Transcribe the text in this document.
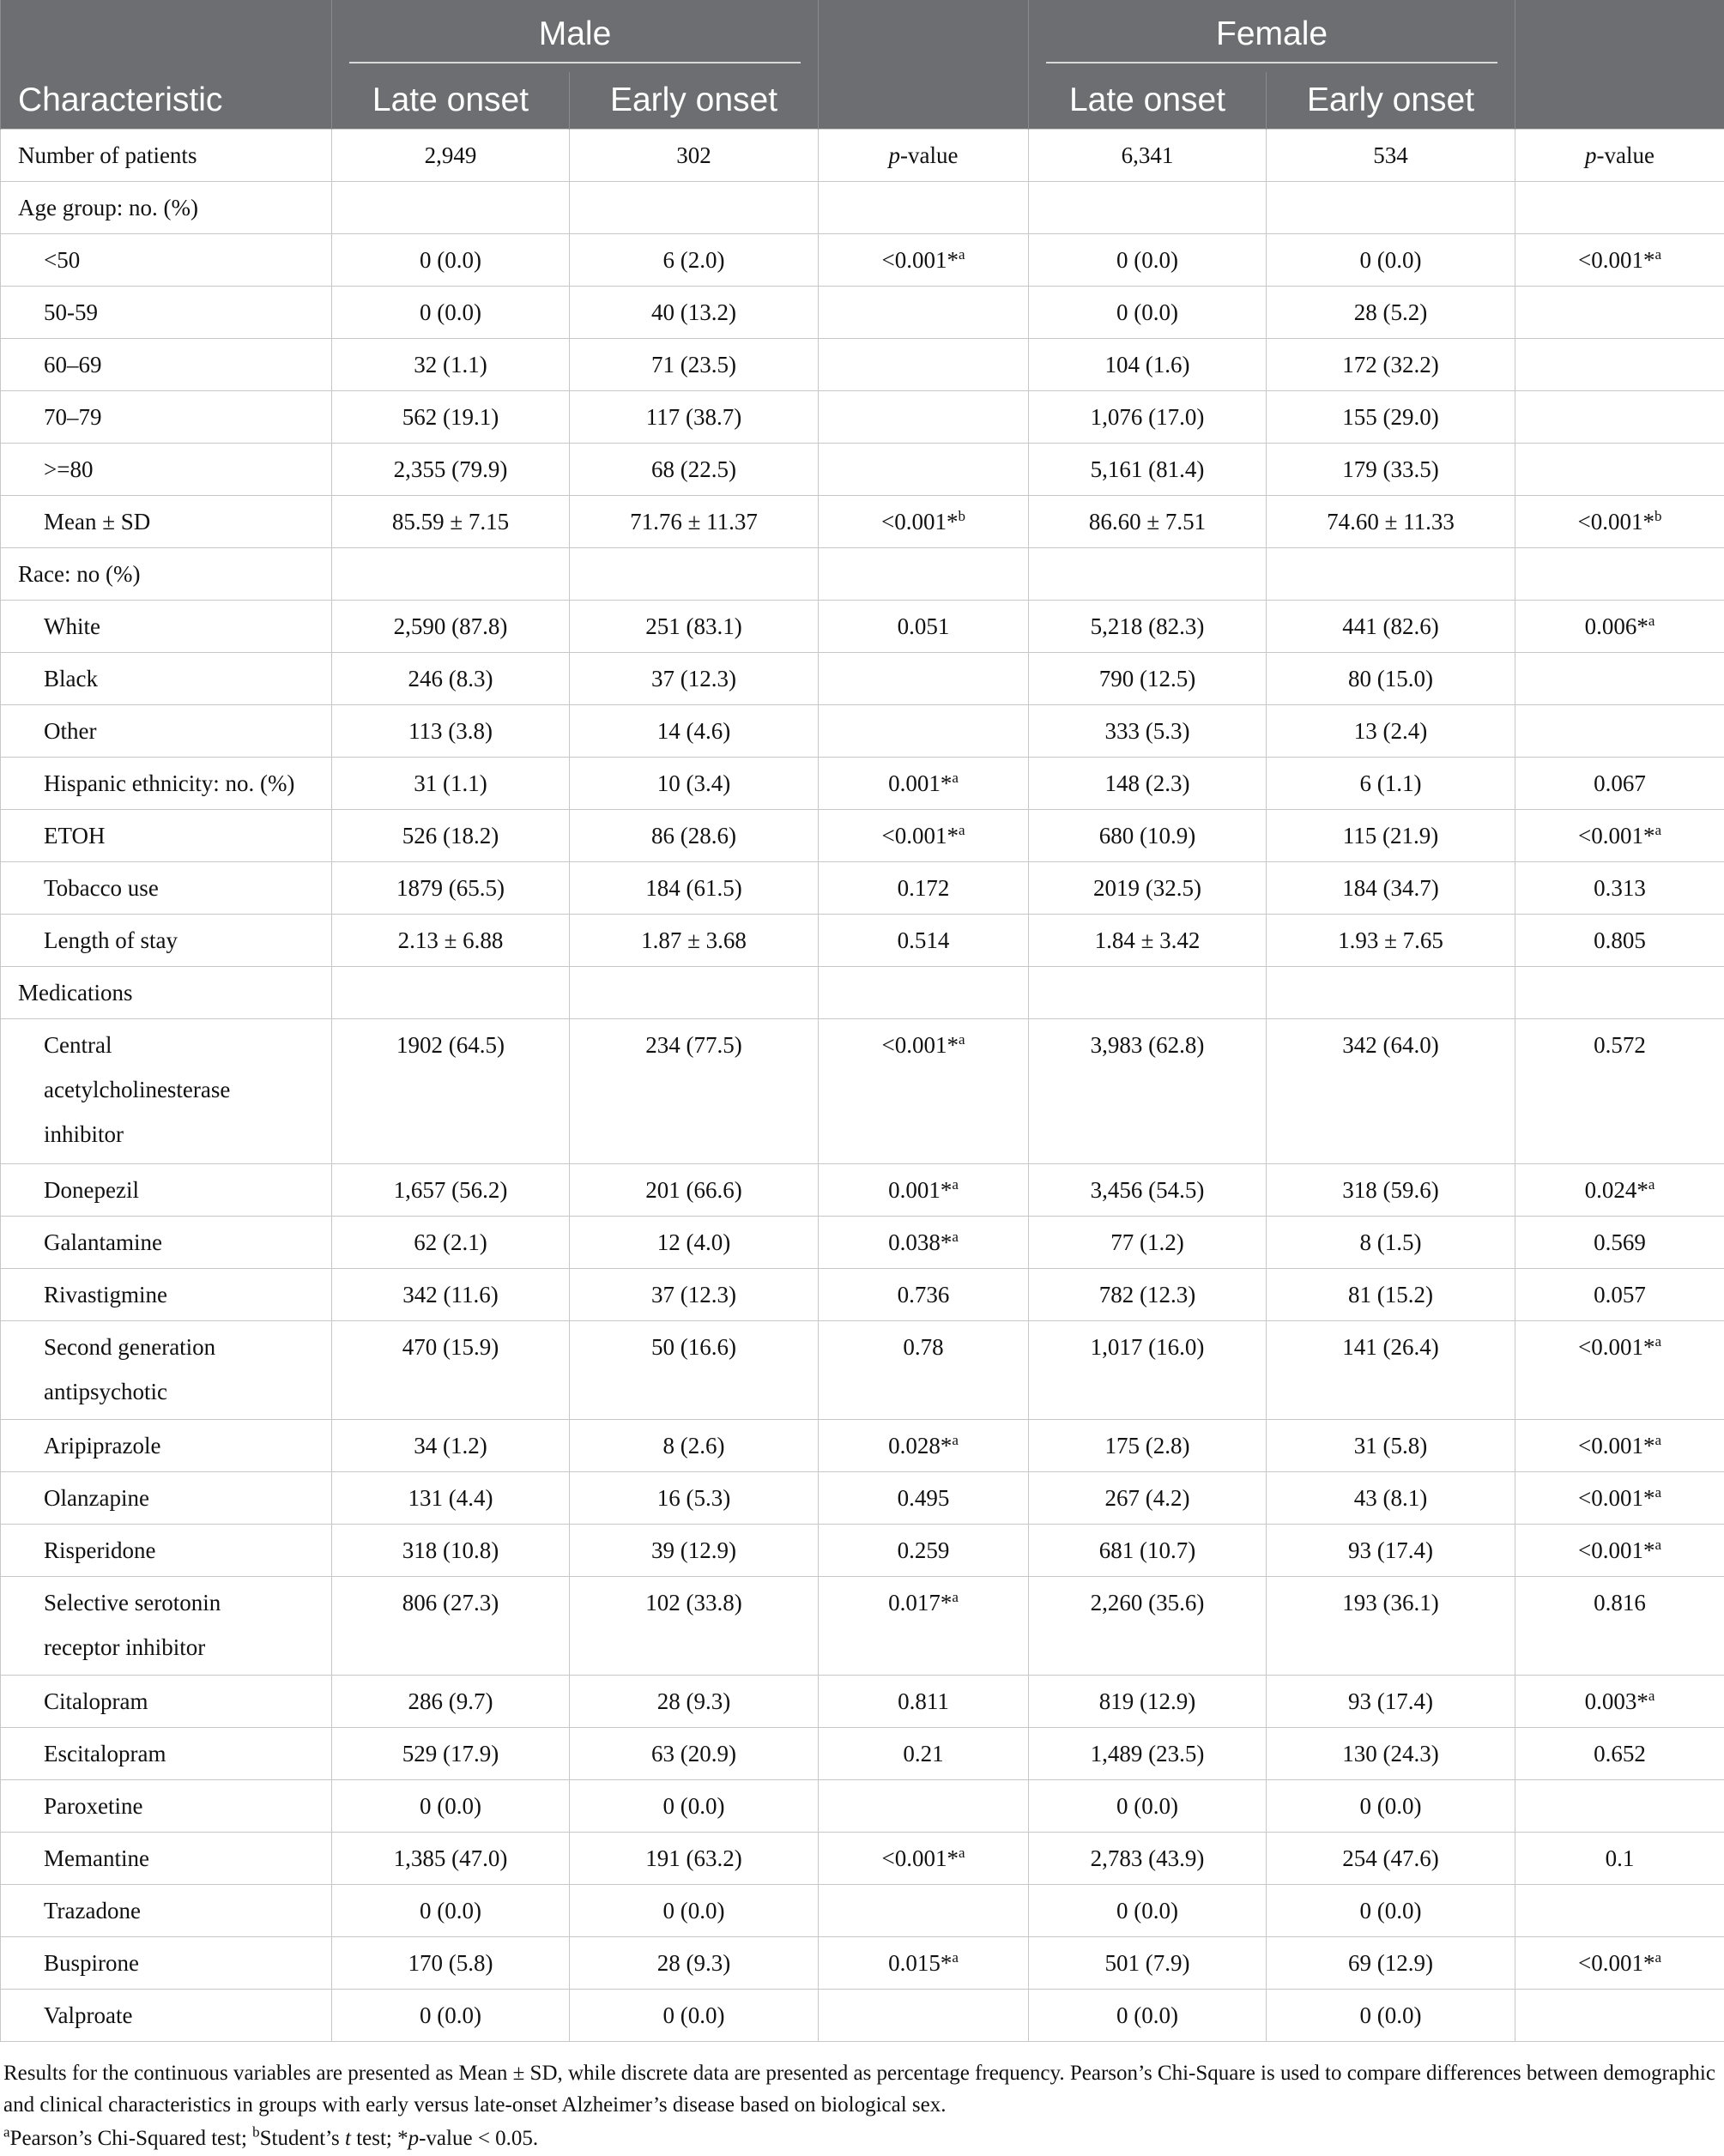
	Male			Female		

Characteristic	Late onset	Early onset		Late onset	Early onset	
Number of patients	2,949	302	p-value	6,341	534	p-value
Age group: no. (%)						
<50	0 (0.0)	6 (2.0)	<0.001*$^a$	0 (0.0)	0 (0.0)	<0.001*$^a$
50-59	0 (0.0)	40 (13.2)		0 (0.0)	28 (5.2)	
60–69	32 (1.1)	71 (23.5)		104 (1.6)	172 (32.2)	
70–79	562 (19.1)	117 (38.7)		1,076 (17.0)	155 (29.0)	
>=80	2,355 (79.9)	68 (22.5)		5,161 (81.4)	179 (33.5)	
Mean ± SD	85.59 ± 7.15	71.76 ± 11.37	<0.001*$^b$	86.60 ± 7.51	74.60 ± 11.33	<0.001*$^b$
Race: no (%)						
White	2,590 (87.8)	251 (83.1)	0.051	5,218 (82.3)	441 (82.6)	0.006*$^a$
Black	246 (8.3)	37 (12.3)		790 (12.5)	80 (15.0)	
Other	113 (3.8)	14 (4.6)		333 (5.3)	13 (2.4)	
Hispanic ethnicity: no. (%)	31 (1.1)	10 (3.4)	0.001*$^a$	148 (2.3)	6 (1.1)	0.067
ETOH	526 (18.2)	86 (28.6)	<0.001*$^a$	680 (10.9)	115 (21.9)	<0.001*$^a$
Tobacco use	1879 (65.5)	184 (61.5)	0.172	2019 (32.5)	184 (34.7)	0.313
Length of stay	2.13 ± 6.88	1.87 ± 3.68	0.514	1.84 ± 3.42	1.93 ± 7.65	0.805
Medications						

Central
acetylcholinesterase
inhibitor	1902 (64.5)	234 (77.5)	<0.001*$^a$	3,983 (62.8)	342 (64.0)	0.572
Donepezil	1,657 (56.2)	201 (66.6)	0.001*$^a$	3,456 (54.5)	318 (59.6)	0.024*$^a$
Galantamine	62 (2.1)	12 (4.0)	0.038*$^a$	77 (1.2)	8 (1.5)	0.569
Rivastigmine	342 (11.6)	37 (12.3)	0.736	782 (12.3)	81 (15.2)	0.057

Second generation
antipsychotic	470 (15.9)	50 (16.6)	0.78	1,017 (16.0)	141 (26.4)	<0.001*$^a$
Aripiprazole	34 (1.2)	8 (2.6)	0.028*$^a$	175 (2.8)	31 (5.8)	<0.001*$^a$
Olanzapine	131 (4.4)	16 (5.3)	0.495	267 (4.2)	43 (8.1)	<0.001*$^a$
Risperidone	318 (10.8)	39 (12.9)	0.259	681 (10.7)	93 (17.4)	<0.001*$^a$

Selective serotonin
receptor inhibitor	806 (27.3)	102 (33.8)	0.017*$^a$	2,260 (35.6)	193 (36.1)	0.816
Citalopram	286 (9.7)	28 (9.3)	0.811	819 (12.9)	93 (17.4)	0.003*$^a$
Escitalopram	529 (17.9)	63 (20.9)	0.21	1,489 (23.5)	130 (24.3)	0.652
Paroxetine	0 (0.0)	0 (0.0)		0 (0.0)	0 (0.0)	
Memantine	1,385 (47.0)	191 (63.2)	<0.001*$^a$	2,783 (43.9)	254 (47.6)	0.1
Trazadone	0 (0.0)	0 (0.0)		0 (0.0)	0 (0.0)	
Buspirone	170 (5.8)	28 (9.3)	0.015*$^a$	501 (7.9)	69 (12.9)	<0.001*$^a$
Valproate	0 (0.0)	0 (0.0)		0 (0.0)	0 (0.0)	

Results for the continuous variables are presented as Mean ± SD, while discrete data are presented as percentage frequency. Pearson’s Chi-Square is used to compare differences between demographic and clinical characteristics in groups with early versus late-onset Alzheimer’s disease based on biological sex.

$^a$Pearson’s Chi-Squared test; $^b$Student’s t test; *p-value < 0.05.
